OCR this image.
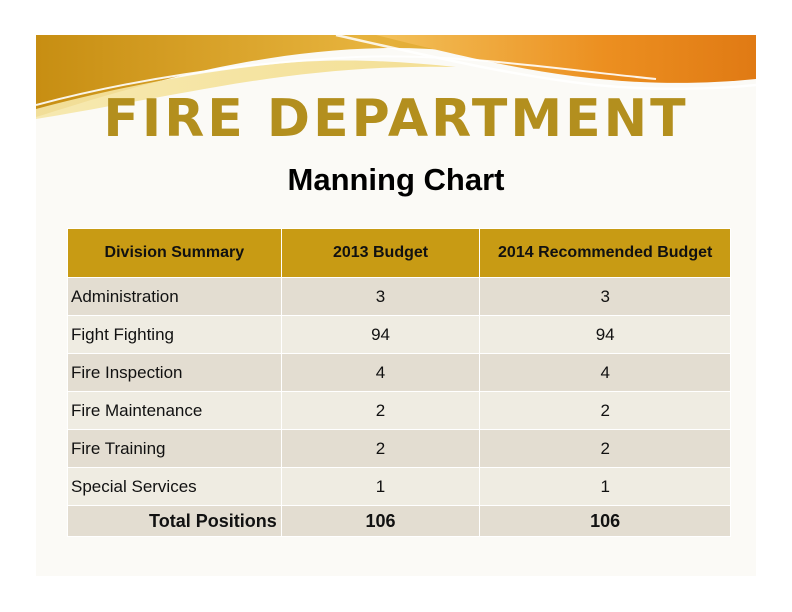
FIRE DEPARTMENT
Manning Chart
Division Summary	2013 Budget	2014 Recommended Budget
Administration	3	3
Fight Fighting	94	94
Fire Inspection	4	4
Fire Maintenance	2	2
Fire Training	2	2
Special Services	1	1
Total Positions	106	106
